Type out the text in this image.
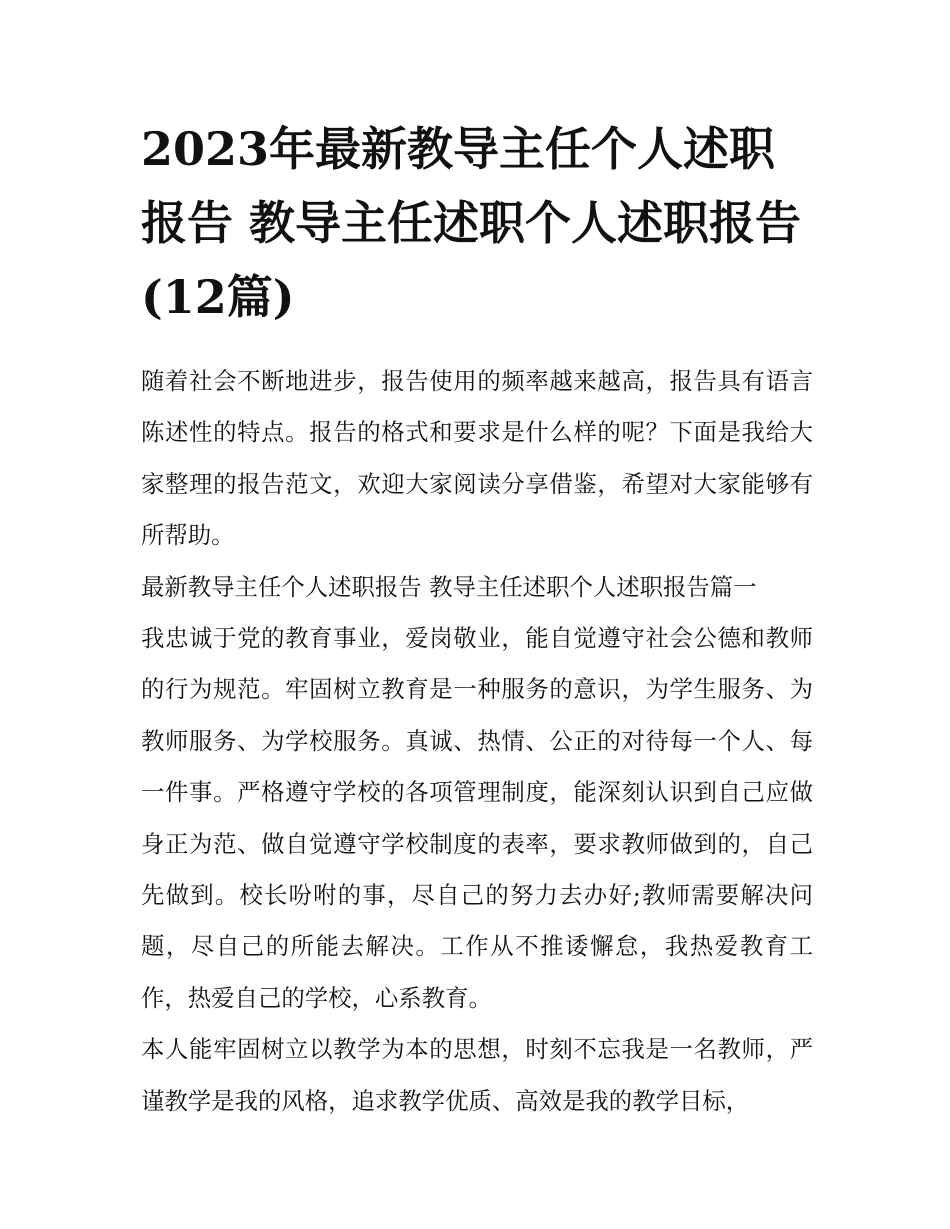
2023年最新教导主任个人述职报告 教导主任述职个人述职报告(12篇)

随着社会不断地进步，报告使用的频率越来越高，报告具有语言陈述性的特点。报告的格式和要求是什么样的呢？下面是我给大家整理的报告范文，欢迎大家阅读分享借鉴，希望对大家能够有所帮助。

最新教导主任个人述职报告 教导主任述职个人述职报告篇一

我忠诚于党的教育事业，爱岗敬业，能自觉遵守社会公德和教师的行为规范。牢固树立教育是一种服务的意识，为学生服务、为教师服务、为学校服务。真诚、热情、公正的对待每一个人、每一件事。严格遵守学校的各项管理制度，能深刻认识到自己应做身正为范、做自觉遵守学校制度的表率，要求教师做到的，自己先做到。校长吩咐的事，尽自己的努力去办好;教师需要解决问题，尽自己的所能去解决。工作从不推诿懈怠，我热爱教育工作，热爱自己的学校，心系教育。

本人能牢固树立以教学为本的思想，时刻不忘我是一名教师，严谨教学是我的风格，追求教学优质、高效是我的教学目标，
